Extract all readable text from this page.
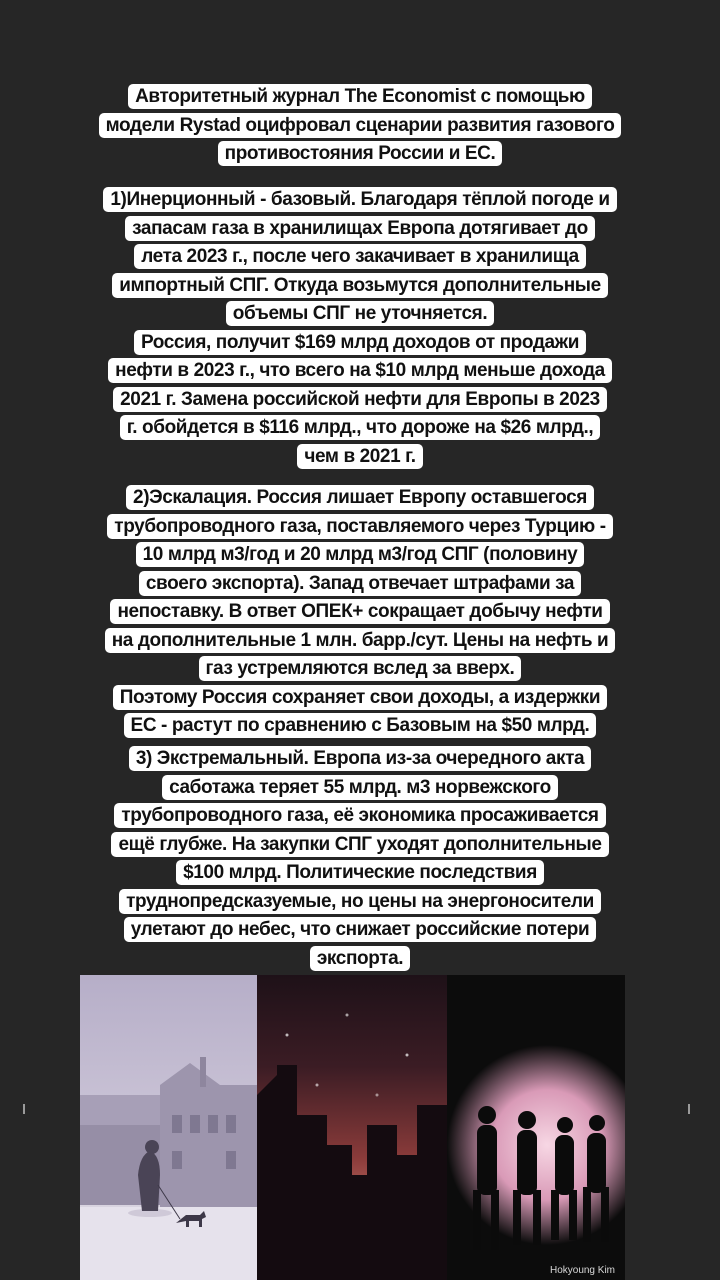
Авторитетный журнал The Economist с помощью
модели Rystad оцифровал сценарии развития газового
противостояния России и ЕС.
1)Инерционный - базовый. Благодаря тёплой погоде и
запасам газа в хранилищах Европа дотягивает до
лета 2023 г., после чего закачивает в хранилища
импортный СПГ. Откуда возьмутся дополнительные
объемы СПГ не уточняется.
Россия, получит $169 млрд доходов от продажи
нефти в 2023 г., что всего на $10 млрд меньше дохода
2021 г. Замена российской нефти для Европы в 2023
г. обойдется в $116 млрд., что дороже на $26 млрд.,
чем в 2021 г.
2)Эскалация. Россия лишает Европу оставшегося
трубопроводного газа, поставляемого через Турцию -
10 млрд м3/год и 20 млрд м3/год СПГ (половину
своего экспорта). Запад отвечает штрафами за
непоставку. В ответ ОПЕК+ сокращает добычу нефти
на дополнительные 1 млн. барр./сут. Цены на нефть и
газ устремляются вслед за вверх.
Поэтому Россия сохраняет свои доходы, а издержки
ЕС - растут по сравнению с Базовым на $50 млрд.
3) Экстремальный. Европа из-за очередного акта
саботажа теряет 55 млрд. м3 норвежского
трубопроводного газа, её экономика просаживается
ещё глубже. На закупки СПГ уходят дополнительные
$100 млрд. Политические последствия
труднопредсказуемые, но цены на энергоносители
улетают до небес, что снижает российские потери
экспорта.
Hokyoung Kim
